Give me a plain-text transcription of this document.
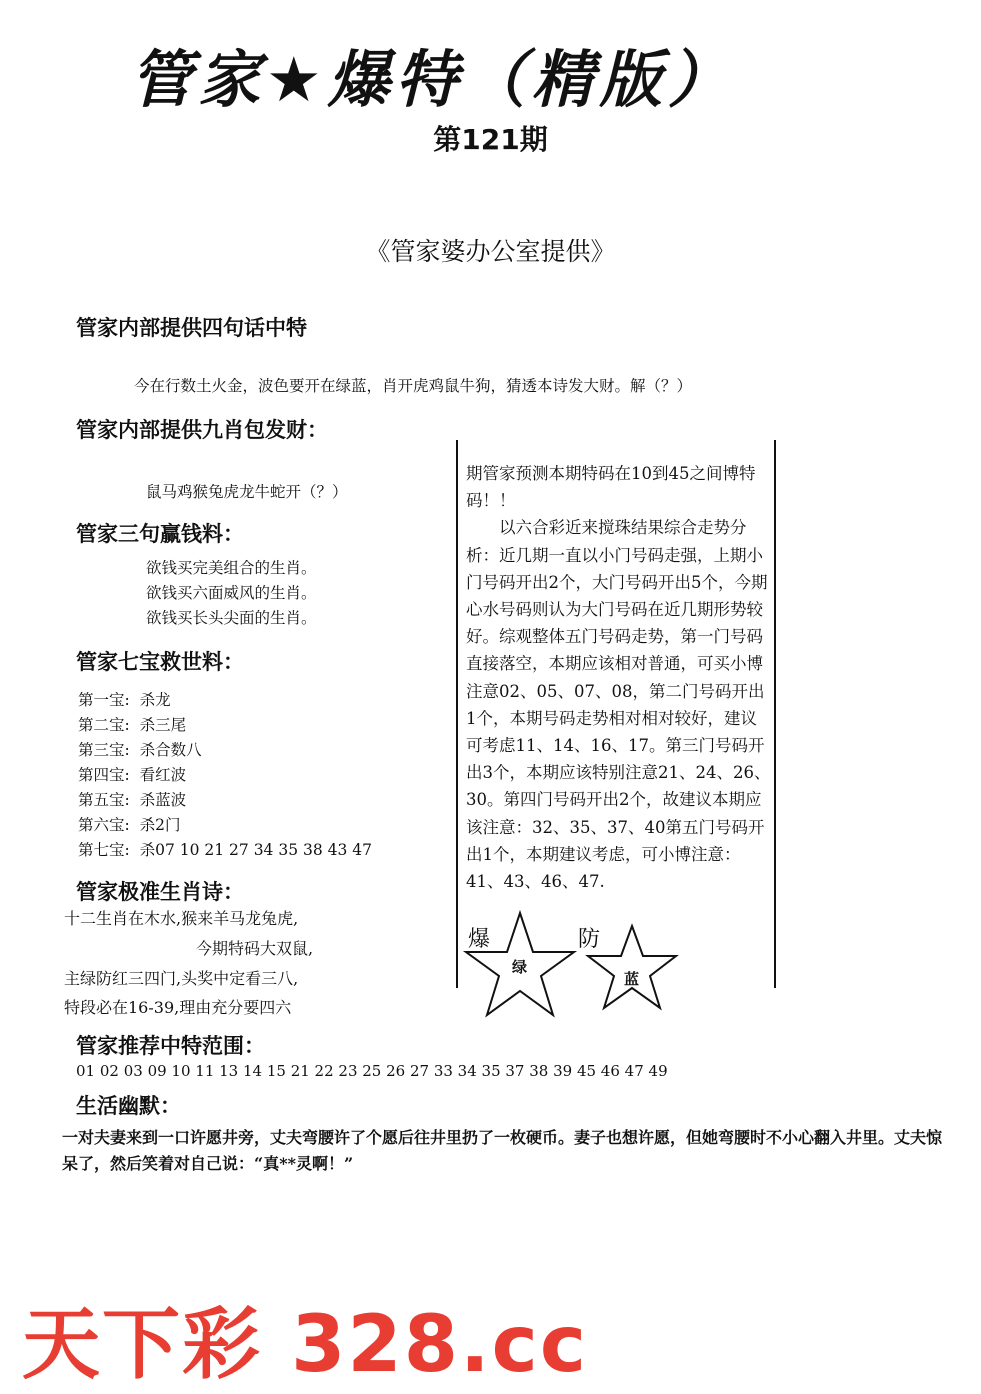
管家★爆特（精版）
第121期
《管家婆办公室提供》
管家内部提供四句话中特
今在行数土火金，波色要开在绿蓝，肖开虎鸡鼠牛狗，猜透本诗发大财。解（？）
管家内部提供九肖包发财：
鼠马鸡猴兔虎龙牛蛇开（？）
管家三句赢钱料：
欲钱买完美组合的生肖。
欲钱买六面威风的生肖。
欲钱买长头尖面的生肖。
管家七宝救世料：
第一宝: 杀龙
第二宝: 杀三尾
第三宝: 杀合数八
第四宝: 看红波
第五宝: 杀蓝波
第六宝: 杀2门
第七宝: 杀07 10 21 27 34 35 38 43 47
管家极准生肖诗：
十二生肖在木水,猴来羊马龙兔虎,
今期特码大双鼠,
主绿防红三四门,头奖中定看三八,
特段必在16-39,理由充分要四六
管家推荐中特范围：
01 02 03 09 10 11 13 14 15 21 22 23 25 26 27 33 34 35 37 38 39 45 46 47 49
生活幽默：
一对夫妻来到一口许愿井旁，丈夫弯腰许了个愿后往井里扔了一枚硬币。妻子也想许愿，但她弯腰时不小心翻入井里。丈夫惊呆了，然后笑着对自己说：“真**灵啊！”

期管家预测本期特码在10到45之间博特码！！

以六合彩近来搅珠结果综合走势分析：近几期一直以小门号码走强，上期小门号码开出2个，大门号码开出5个，今期心水号码则认为大门号码在近几期形势较好。综观整体五门号码走势，第一门号码直接落空，本期应该相对普通，可买小博注意02、05、07、08，第二门号码开出1个，本期号码走势相对相对较好，建议可考虑11、14、16、17。第三门号码开出3个，本期应该特别注意21、24、26、30。第四门号码开出2个，故建议本期应该注意：32、35、37、40第五门号码开出1个，本期建议考虑，可小博注意：41、43、46、47.

爆	防
绿
蓝
天下彩 328.cc
